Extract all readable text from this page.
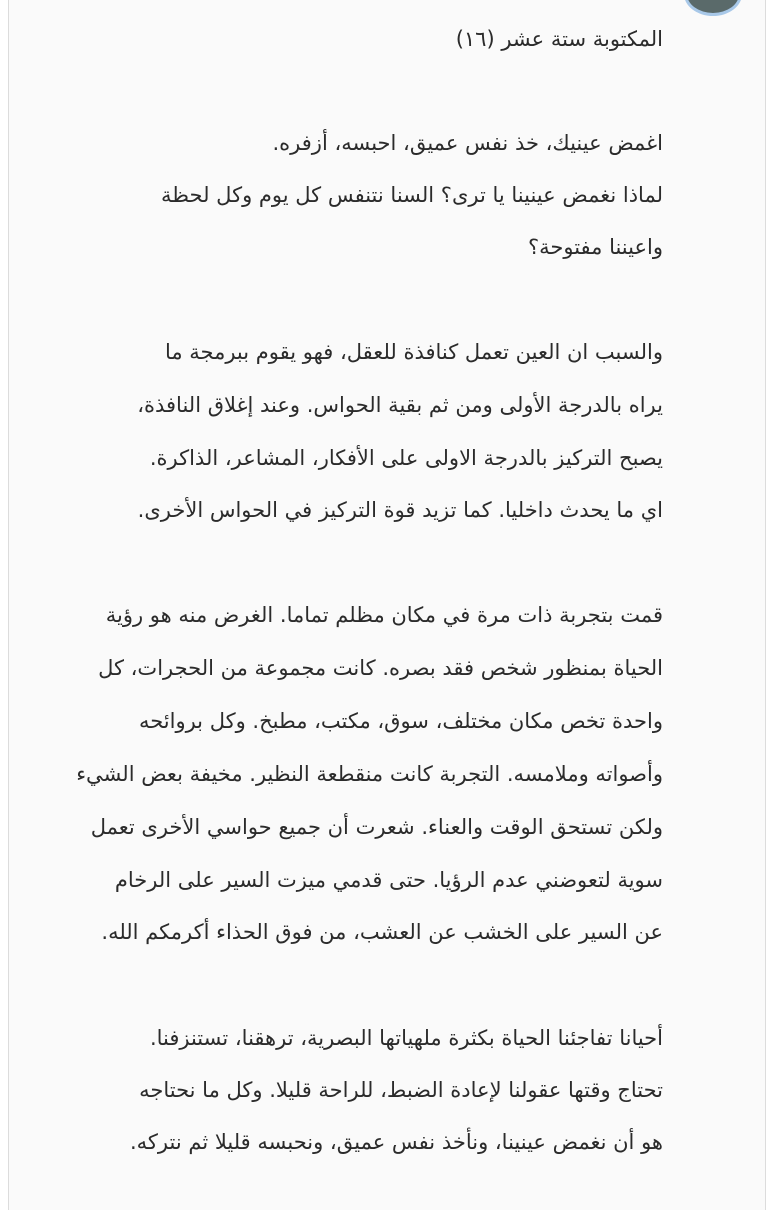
المكتوبة ستة عشر (١٦)
اغمض عينيك، خذ نفس عميق، احبسه، أزفره.
لماذا نغمض عينينا يا ترى؟ السنا نتنفس كل يوم وكل لحظة
واعيننا مفتوحة؟
والسبب ان العين تعمل كنافذة للعقل، فهو يقوم ببرمجة ما
يراه بالدرجة الأولى ومن ثم بقية الحواس. وعند إغلاق النافذة،
يصبح التركيز بالدرجة الاولى على الأفكار، المشاعر، الذاكرة.
اي ما يحدث داخليا. كما تزيد قوة التركيز في الحواس الأخرى.
قمت بتجربة ذات مرة في مكان مظلم تماما. الغرض منه هو رؤية
الحياة بمنظور شخص فقد بصره. كانت مجموعة من الحجرات، كل
واحدة تخص مكان مختلف، سوق، مكتب، مطبخ. وكل بروائحه
وأصواته وملامسه. التجربة كانت منقطعة النظير. مخيفة بعض الشيء
ولكن تستحق الوقت والعناء. شعرت أن جميع حواسي الأخرى تعمل
سوية لتعوضني عدم الرؤيا. حتى قدمي ميزت السير على الرخام
عن السير على الخشب عن العشب، من فوق الحذاء أكرمكم الله.
أحيانا تفاجئنا الحياة بكثرة ملهياتها البصرية، ترهقنا، تستنزفنا.
تحتاج وقتها عقولنا لإعادة الضبط، للراحة قليلا. وكل ما نحتاجه
هو أن نغمض عينينا، ونأخذ نفس عميق، ونحبسه قليلا ثم نتركه.
